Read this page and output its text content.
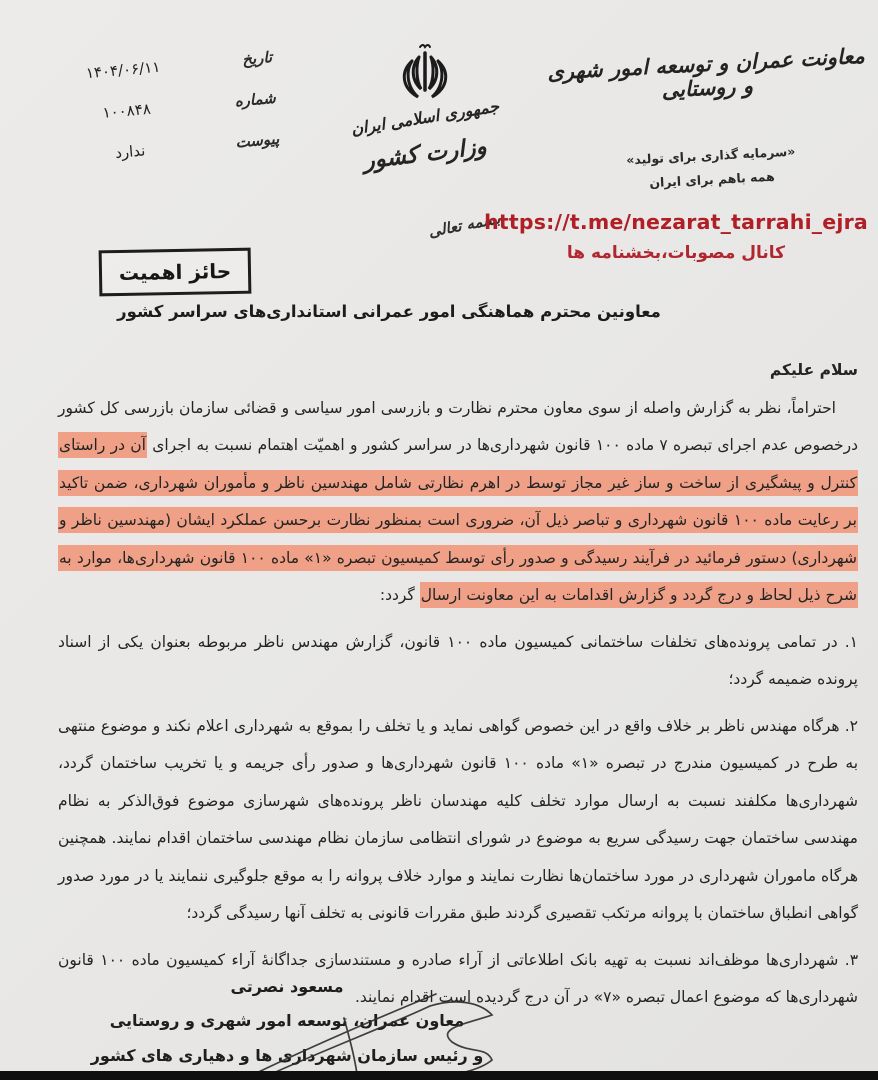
معاونت عمران و توسعه امور شهری و روستایی
«سرمایه گذاری برای تولید»
همه باهم برای ایران
جمهوری اسلامی ایران
وزارت کشور
تاریخ
۱۴۰۴/۰۶/۱۱
شماره
۱۰۰۸۴۸
پیوست
ندارد
بسمه تعالی
https://t.me/nezarat_tarrahi_ejra
کانال مصوبات،بخشنامه ها
حائز اهمیت
معاونین محترم هماهنگی امور عمرانی استانداری‌های سراسر کشور

سلام علیکم

احتراماً، نظر به گزارش واصله از سوی معاون محترم نظارت و بازرسی امور سیاسی و قضائی سازمان بازرسی کل کشور درخصوص عدم اجرای تبصره ۷ ماده ۱۰۰ قانون شهرداری‌ها در سراسر کشور و اهمیّت اهتمام نسبت به اجرای آن در راستای کنترل و پیشگیری از ساخت و ساز غیر مجاز توسط در اهرم نظارتی شامل مهندسین ناظر و مأموران شهرداری، ضمن تاکید بر رعایت ماده ۱۰۰ قانون شهرداری و تباصر ذیل آن، ضروری است بمنظور نظارت برحسن عملکرد ایشان (مهندسین ناظر و شهرداری) دستور فرمائید در فرآیند رسیدگی و صدور رأی توسط کمیسیون تبصره «۱» ماده ۱۰۰ قانون شهرداری‌ها، موارد به شرح ذیل لحاظ و درج گردد و گزارش اقدامات به این معاونت ارسال گردد:

۱. در تمامی پرونده‌های تخلفات ساختمانی کمیسیون ماده ۱۰۰ قانون، گزارش مهندس ناظر مربوطه بعنوان یکی از اسناد پرونده ضمیمه گردد؛

۲. هرگاه مهندس ناظر بر خلاف واقع در این خصوص گواهی نماید و یا تخلف را بموقع به شهرداری اعلام نکند و موضوع منتهی به طرح در کمیسیون مندرج در تبصره «۱» ماده ۱۰۰ قانون شهرداری‌ها و صدور رأی جریمه و یا تخریب ساختمان گردد، شهرداری‌ها مکلفند نسبت به ارسال موارد تخلف کلیه مهندسان ناظر پرونده‌های شهرسازی موضوع فوق‌الذکر به نظام مهندسی ساختمان جهت رسیدگی سریع به موضوع در شورای انتظامی سازمان نظام مهندسی ساختمان اقدام نمایند. همچنین هرگاه ماموران شهرداری در مورد ساختمان‌ها نظارت نمایند و موارد خلاف پروانه را به موقع جلوگیری ننمایند یا در مورد صدور گواهی انطباق ساختمان با پروانه مرتکب تقصیری گردند طبق مقررات قانونی به تخلف آنها رسیدگی گردد؛

۳. شهرداری‌ها موظف‌اند نسبت به تهیه بانک اطلاعاتی از آراء صادره و مستندسازی جداگانهٔ آراء کمیسیون ماده ۱۰۰ قانون شهرداری‌ها که موضوع اعمال تبصره «۷» در آن درج گردیده است اقدام نمایند.

مسعود نصرتی
معاون عمران، توسعه امور شهری و روستایی
و رئیس سازمان شهرداری ها و دهیاری های کشور
